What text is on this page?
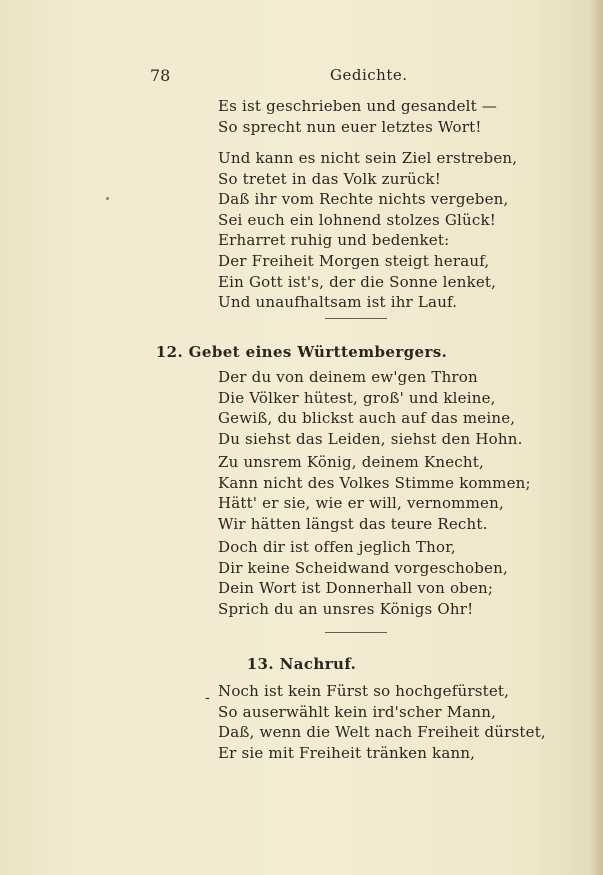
78	Gedichte.
Es ist geschrieben und gesandelt —
So sprecht nun euer letztes Wort!
Und kann es nicht sein Ziel erstreben,
So tretet in das Volk zurück!
Daß ihr vom Rechte nichts vergeben,
Sei euch ein lohnend stolzes Glück!
Erharret ruhig und bedenket:
Der Freiheit Morgen steigt herauf,
Ein Gott ist's, der die Sonne lenket,
Und unaufhaltsam ist ihr Lauf.
12. Gebet eines Württembergers.
Der du von deinem ew'gen Thron
Die Völker hütest, groß' und kleine,
Gewiß, du blickst auch auf das meine,
Du siehst das Leiden, siehst den Hohn.
Zu unsrem König, deinem Knecht,
Kann nicht des Volkes Stimme kommen;
Hätt' er sie, wie er will, vernommen,
Wir hätten längst das teure Recht.
Doch dir ist offen jeglich Thor,
Dir keine Scheidwand vorgeschoben,
Dein Wort ist Donnerhall von oben;
Sprich du an unsres Königs Ohr!
13. Nachruf.
- Noch ist kein Fürst so hochgefürstet,
So auserwählt kein ird'scher Mann,
Daß, wenn die Welt nach Freiheit dürstet,
Er sie mit Freiheit tränken kann,
